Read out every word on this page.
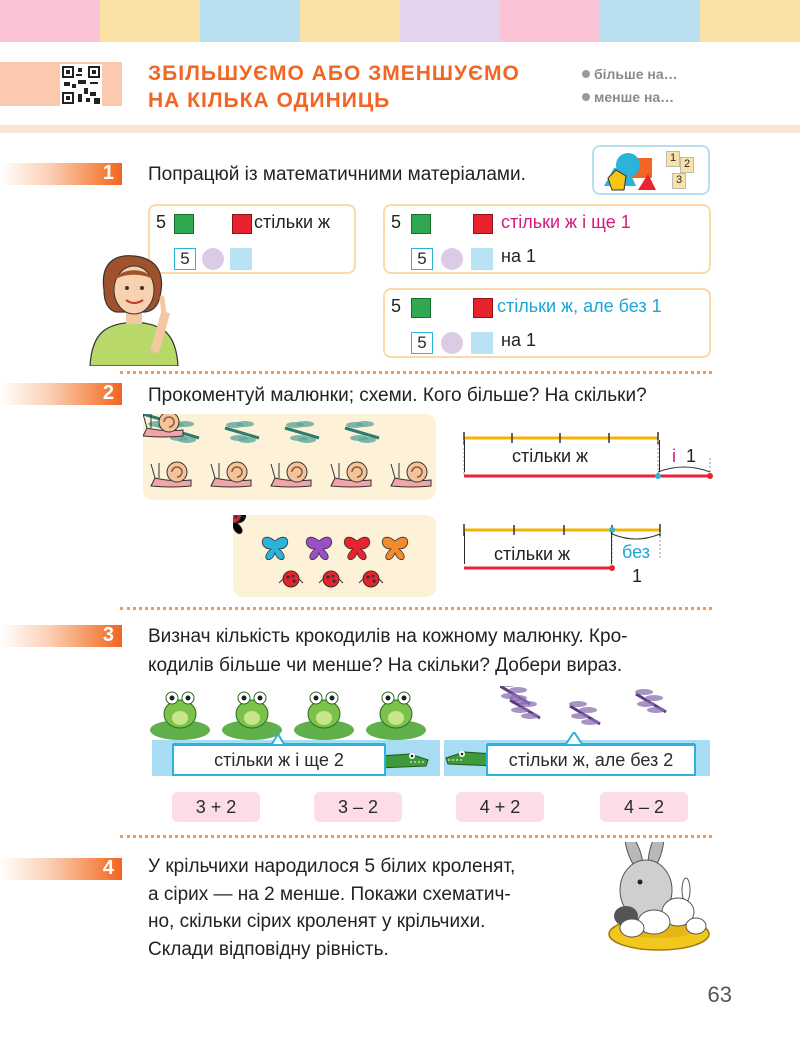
ЗБІЛЬШУЄМО АБО ЗМЕНШУЄМО
НА КІЛЬКА ОДИНИЦЬ
більше на…
менше на…
1 Попрацюй із математичними матеріалами.
1 2
3
5	стільки ж
5
5	стільки ж і ще 1
5	на 1
5	стільки ж, але без 1
5	на 1
2 Прокоментуй малюнки; схеми. Кого більше? На скільки?
стільки ж	і 1
стільки ж	без
1
3 Визнач кількість крокодилів на кожному малюнку. Кро-
кодилів більше чи менше? На скільки? Добери вираз.
стільки ж і ще 2	стільки ж, але без 2
3 + 2	3 – 2	4 + 2	4 – 2
4 У крільчихи народилося 5 білих кроленят,
а сірих — на 2 менше. Покажи схематич-
но, скільки сірих кроленят у крільчихи.
Склади відповідну рівність.
63
